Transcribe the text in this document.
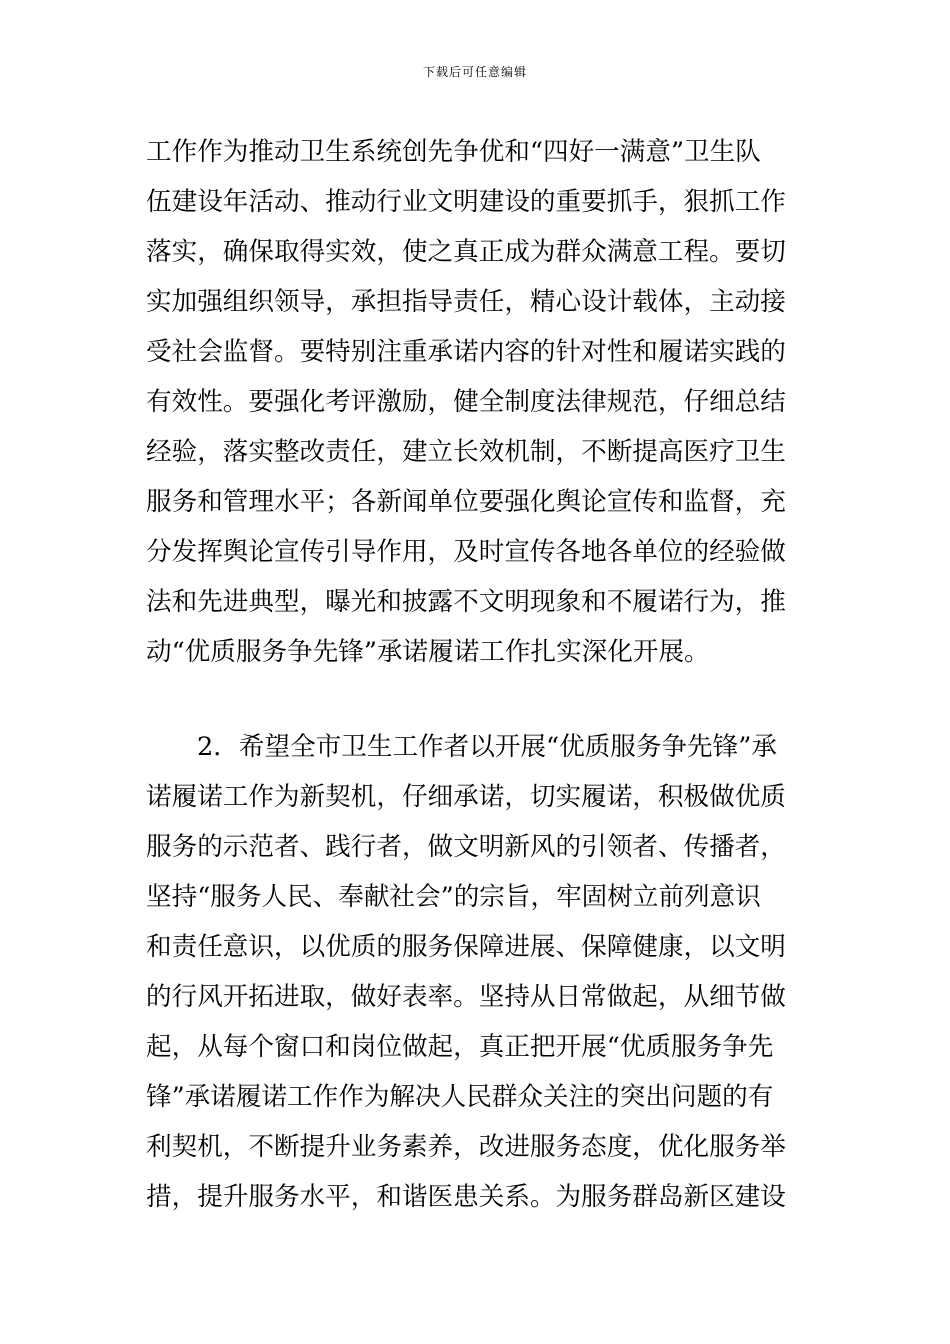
下载后可任意编辑
工作作为推动卫生系统创先争优和“四好一满意”卫生队
伍建设年活动、推动行业文明建设的重要抓手，狠抓工作
落实，确保取得实效，使之真正成为群众满意工程。要切
实加强组织领导，承担指导责任，精心设计载体，主动接
受社会监督。要特别注重承诺内容的针对性和履诺实践的
有效性。要强化考评激励，健全制度法律规范，仔细总结
经验，落实整改责任，建立长效机制，不断提高医疗卫生
服务和管理水平；各新闻单位要强化舆论宣传和监督，充
分发挥舆论宣传引导作用，及时宣传各地各单位的经验做
法和先进典型，曝光和披露不文明现象和不履诺行为，推
动“优质服务争先锋”承诺履诺工作扎实深化开展。
2．希望全市卫生工作者以开展“优质服务争先锋”承
诺履诺工作为新契机，仔细承诺，切实履诺，积极做优质
服务的示范者、践行者，做文明新风的引领者、传播者，
坚持“服务人民、奉献社会”的宗旨，牢固树立前列意识
和责任意识，以优质的服务保障进展、保障健康，以文明
的行风开拓进取，做好表率。坚持从日常做起，从细节做
起，从每个窗口和岗位做起，真正把开展“优质服务争先
锋”承诺履诺工作作为解决人民群众关注的突出问题的有
利契机，不断提升业务素养，改进服务态度，优化服务举
措，提升服务水平，和谐医患关系。为服务群岛新区建设
